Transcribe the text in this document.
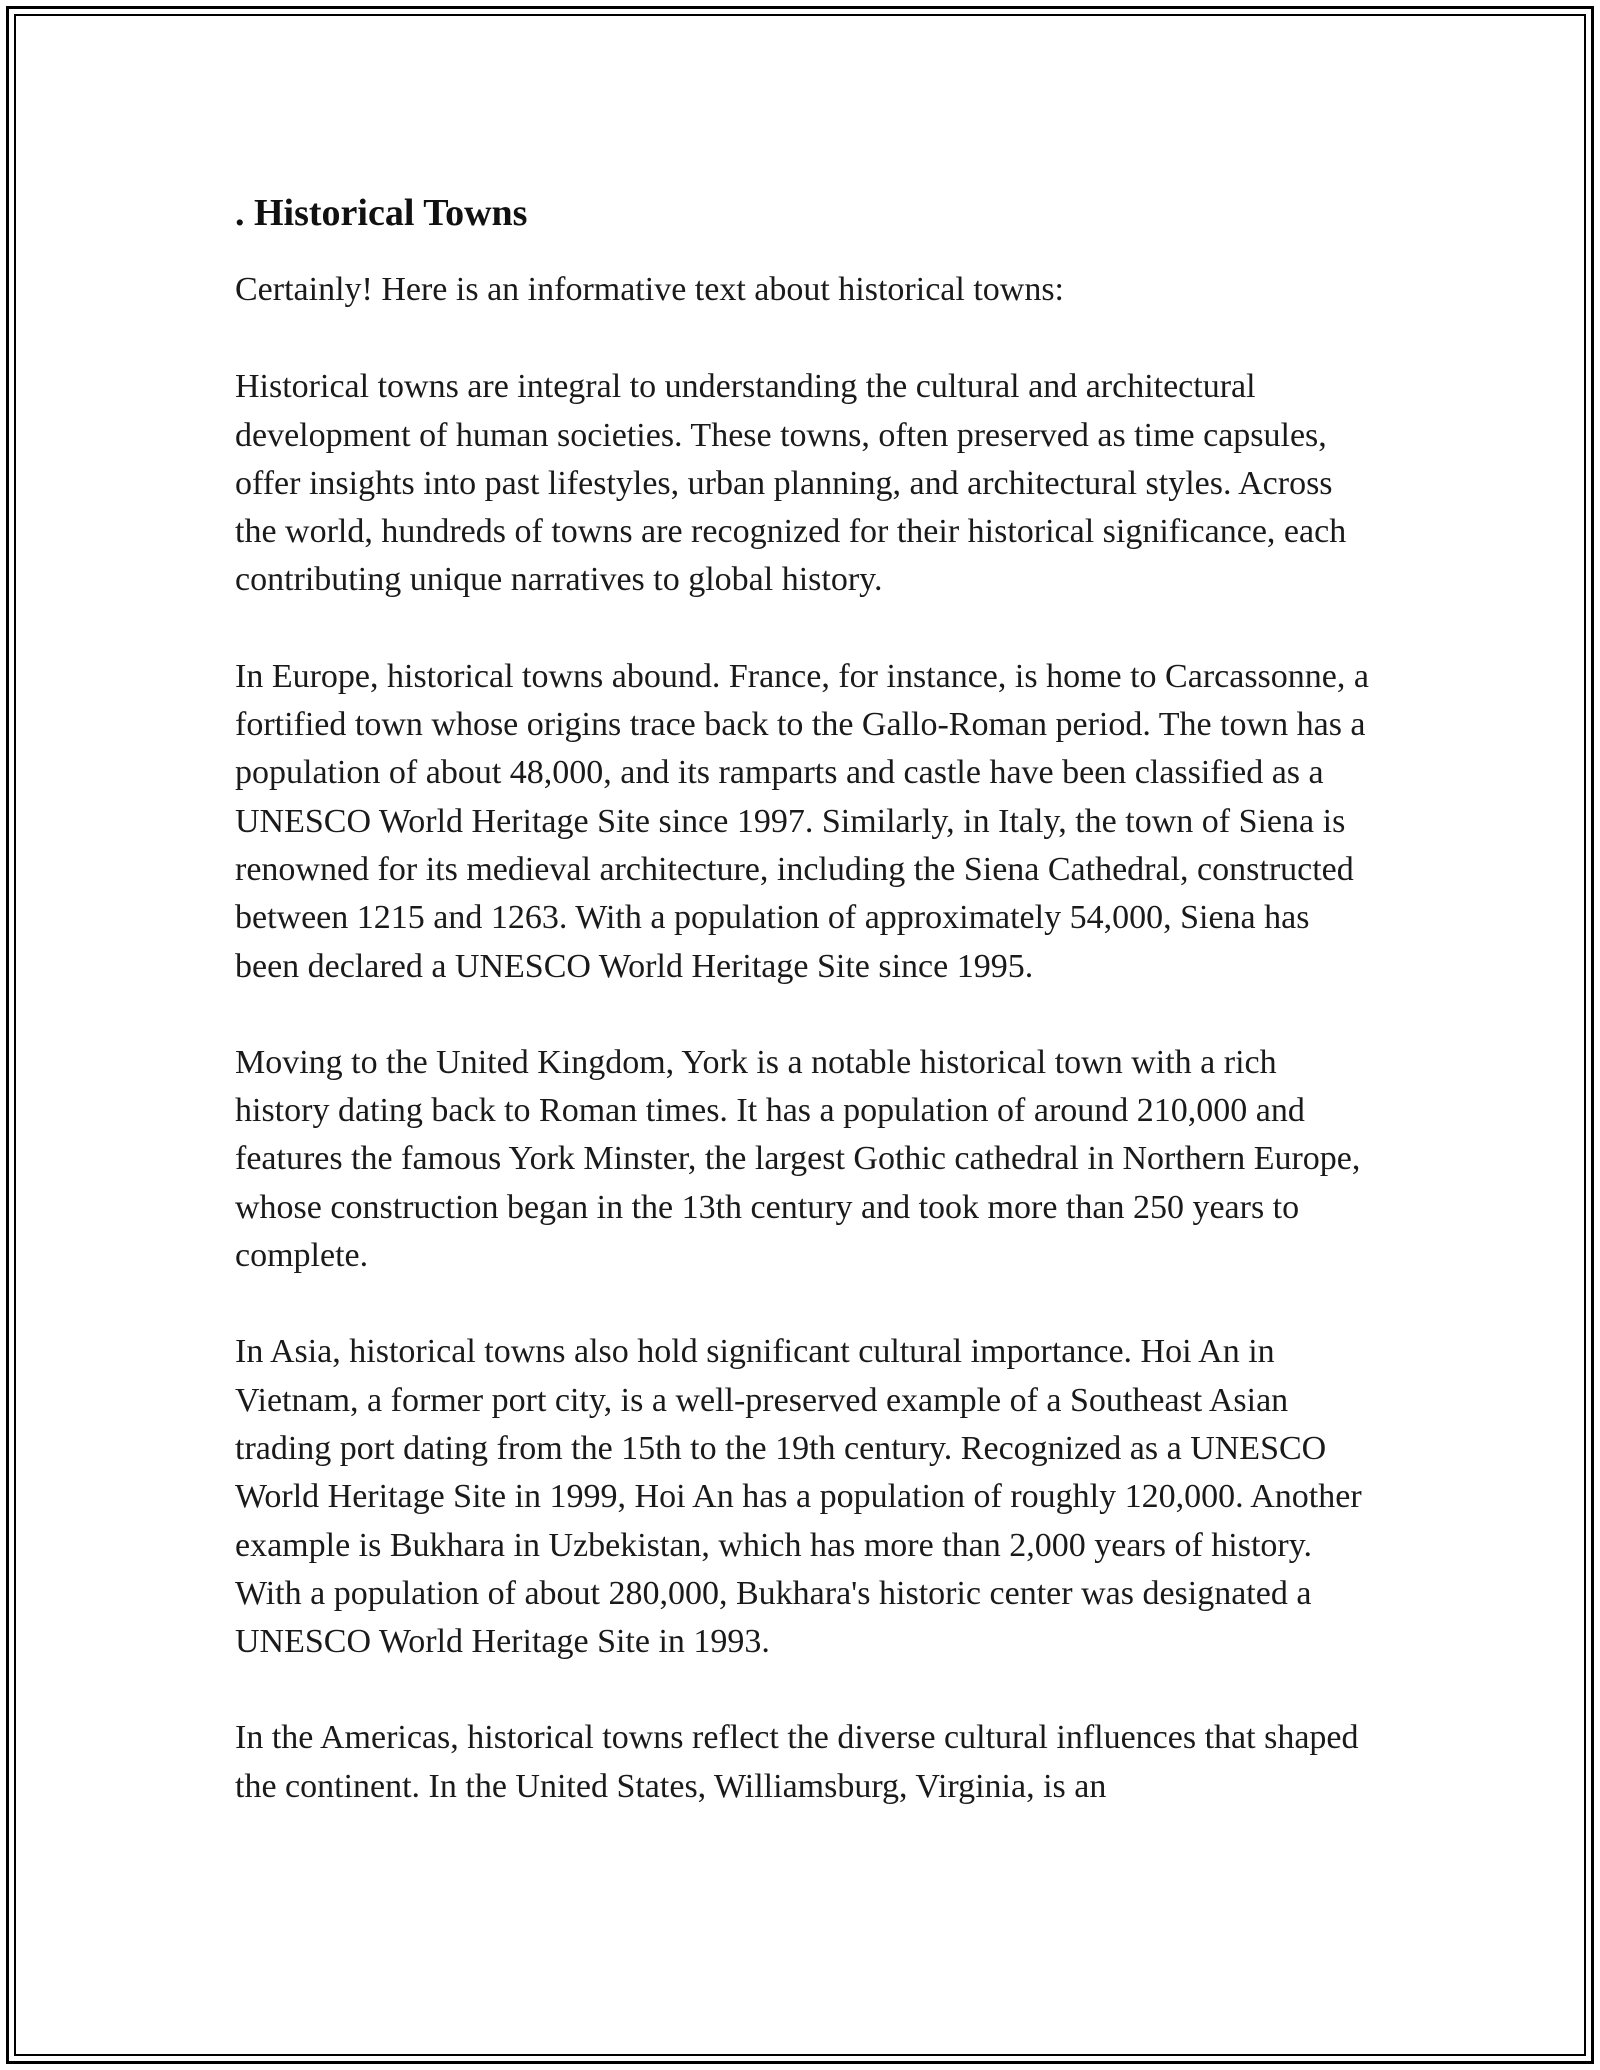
. Historical Towns

Certainly! Here is an informative text about historical towns:

Historical towns are integral to understanding the cultural and architectural development of human societies. These towns, often preserved as time capsules, offer insights into past lifestyles, urban planning, and architectural styles. Across the world, hundreds of towns are recognized for their historical significance, each contributing unique narratives to global history.

In Europe, historical towns abound. France, for instance, is home to Carcassonne, a fortified town whose origins trace back to the Gallo-Roman period. The town has a population of about 48,000, and its ramparts and castle have been classified as a UNESCO World Heritage Site since 1997. Similarly, in Italy, the town of Siena is renowned for its medieval architecture, including the Siena Cathedral, constructed between 1215 and 1263. With a population of approximately 54,000, Siena has been declared a UNESCO World Heritage Site since 1995.

Moving to the United Kingdom, York is a notable historical town with a rich history dating back to Roman times. It has a population of around 210,000 and features the famous York Minster, the largest Gothic cathedral in Northern Europe, whose construction began in the 13th century and took more than 250 years to complete.

In Asia, historical towns also hold significant cultural importance. Hoi An in Vietnam, a former port city, is a well-preserved example of a Southeast Asian trading port dating from the 15th to the 19th century. Recognized as a UNESCO World Heritage Site in 1999, Hoi An has a population of roughly 120,000. Another example is Bukhara in Uzbekistan, which has more than 2,000 years of history. With a population of about 280,000, Bukhara's historic center was designated a UNESCO World Heritage Site in 1993.

In the Americas, historical towns reflect the diverse cultural influences that shaped the continent. In the United States, Williamsburg, Virginia, is an
